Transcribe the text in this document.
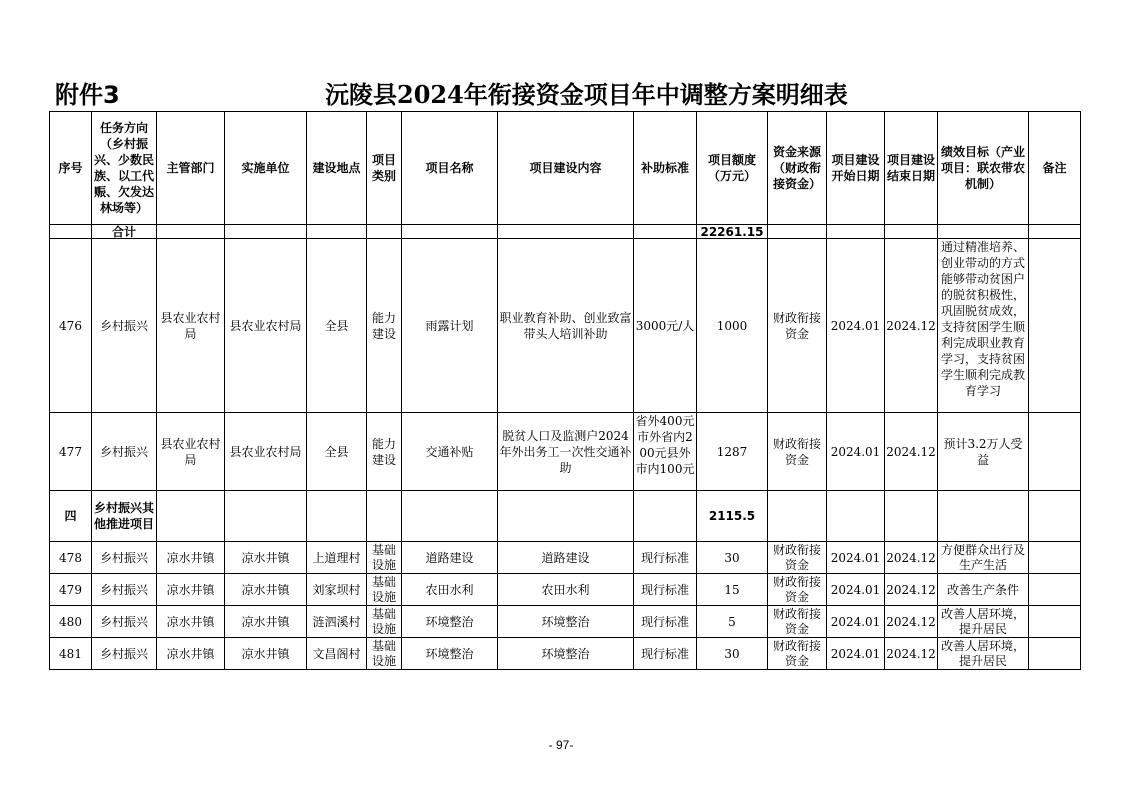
附件3	沅陵县2024年衔接资金项目年中调整方案明细表
序号	任务方向（乡村振兴、少数民族、以工代赈、欠发达林场等）	主管部门	实施单位	建设地点	项目类别	项目名称	项目建设内容	补助标准	项目额度（万元）	资金来源（财政衔接资金）	项目建设开始日期	项目建设结束日期	绩效目标（产业项目：联农带农机制）	备注
	合计								22261.15					
476	乡村振兴	县农业农村局	县农业农村局	全县	能力建设	雨露计划	职业教育补助、创业致富带头人培训补助	3000元/人	1000	财政衔接资金	2024.01	2024.12	通过精准培养、创业带动的方式能够带动贫困户的脱贫积极性，巩固脱贫成效，支持贫困学生顺利完成职业教育学习，支持贫困学生顺利完成教育学习	

477	乡村振兴	县农业农村局	县农业农村局	全县	能力建设	交通补贴	脱贫人口及监测户2024年外出务工一次性交通补助	省外400元市外省内200元县外市内100元	1287	财政衔接资金	2024.01	2024.12	预计3.2万人受益	
四	乡村振兴其他推进项目								2115.5					
478	乡村振兴	凉水井镇	凉水井镇	上道理村	基础设施	道路建设	道路建设	现行标准	30	财政衔接资金	2024.01	2024.12	方便群众出行及生产生活	
479	乡村振兴	凉水井镇	凉水井镇	刘家坝村	基础设施	农田水利	农田水利	现行标准	15	财政衔接资金	2024.01	2024.12	改善生产条件	
480	乡村振兴	凉水井镇	凉水井镇	涟泗溪村	基础设施	环境整治	环境整治	现行标准	5	财政衔接资金	2024.01	2024.12	改善人居环境，提升居民	
481	乡村振兴	凉水井镇	凉水井镇	文昌阁村	基础设施	环境整治	环境整治	现行标准	30	财政衔接资金	2024.01	2024.12	改善人居环境，提升居民	
- 97-
